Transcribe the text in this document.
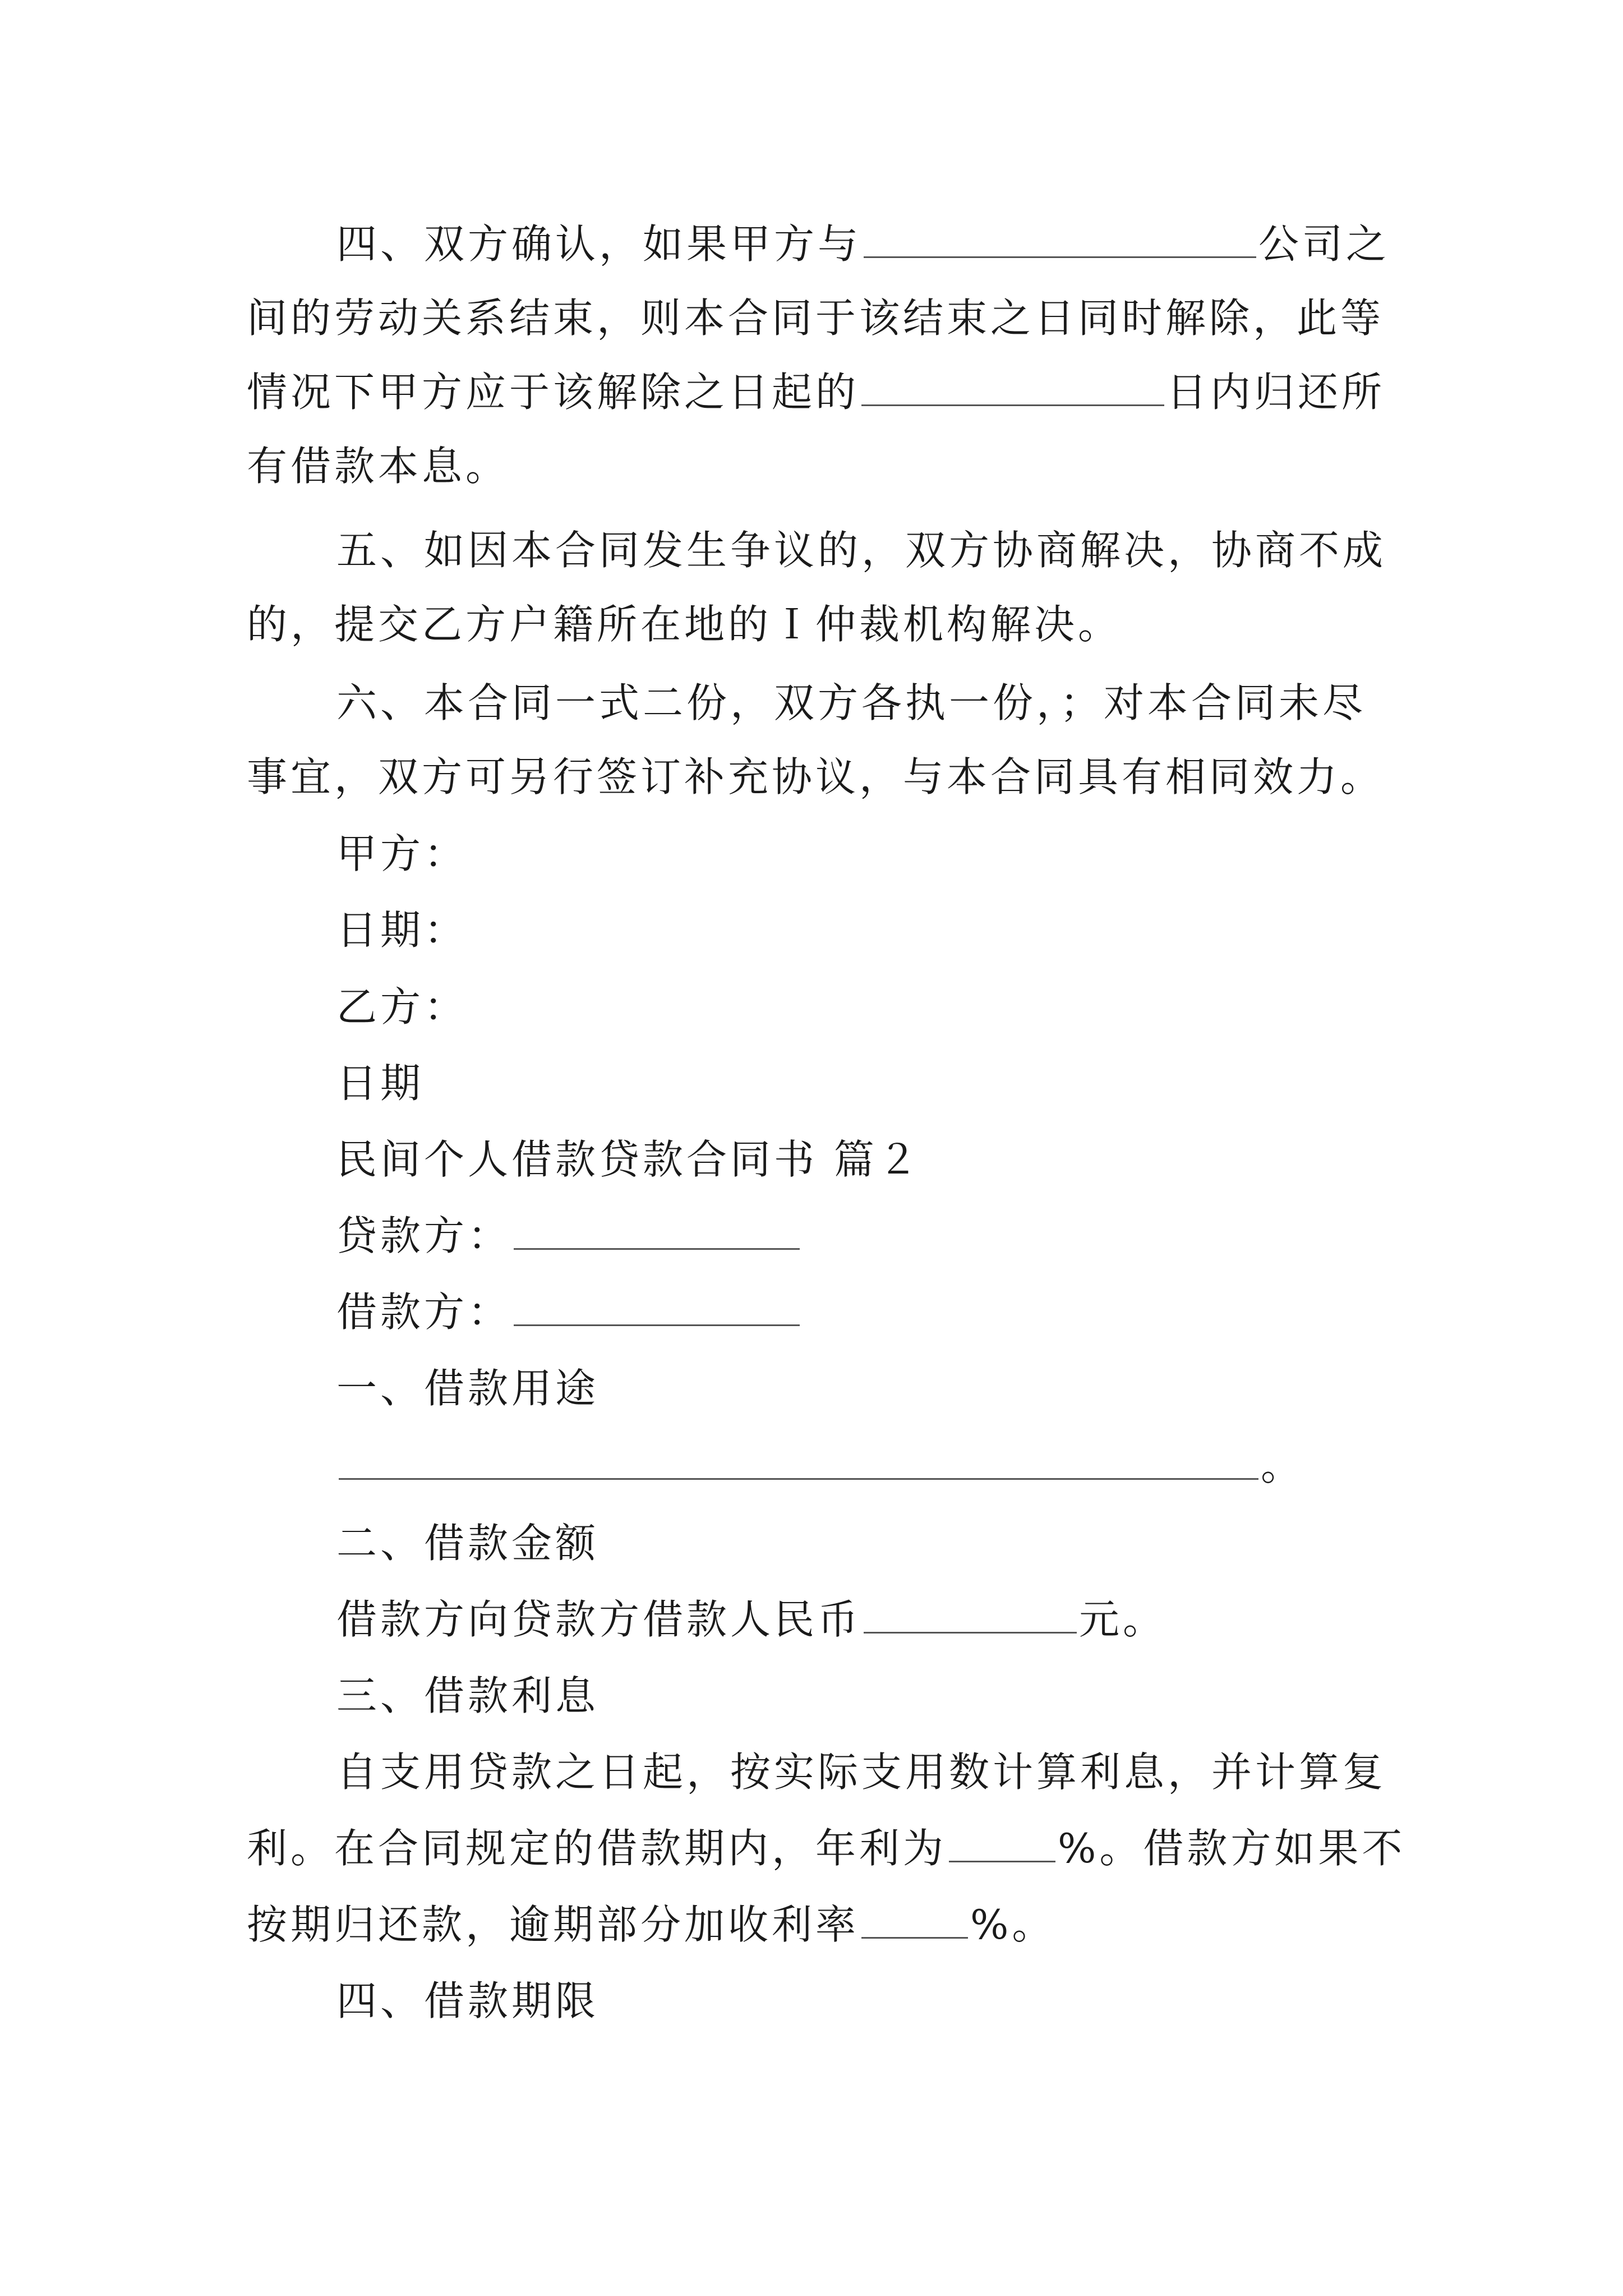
四、双方确认，如果甲方与	公司之
间的劳动关系结束，则本合同于该结束之日同时解除，此等
情况下甲方应于该解除之日起的	日内归还所
有借款本息。
五、如因本合同发生争议的，双方协商解决，协商不成
的，提交乙方户籍所在地的Ｉ仲裁机构解决。
六、本合同一式二份，双方各执一份，；对本合同未尽
事宜，双方可另行签订补充协议，与本合同具有相同效力。
甲方：
日期：
乙方：
日期
民间个人借款贷款合同书 篇２
贷款方：
借款方：
一、借款用途
。
二、借款金额
借款方向贷款方借款人民币	元。
三、借款利息
自支用贷款之日起，按实际支用数计算利息，并计算复
利。在合同规定的借款期内，年利为	%。借款方如果不
按期归还款，逾期部分加收利率	%。
四、借款期限
